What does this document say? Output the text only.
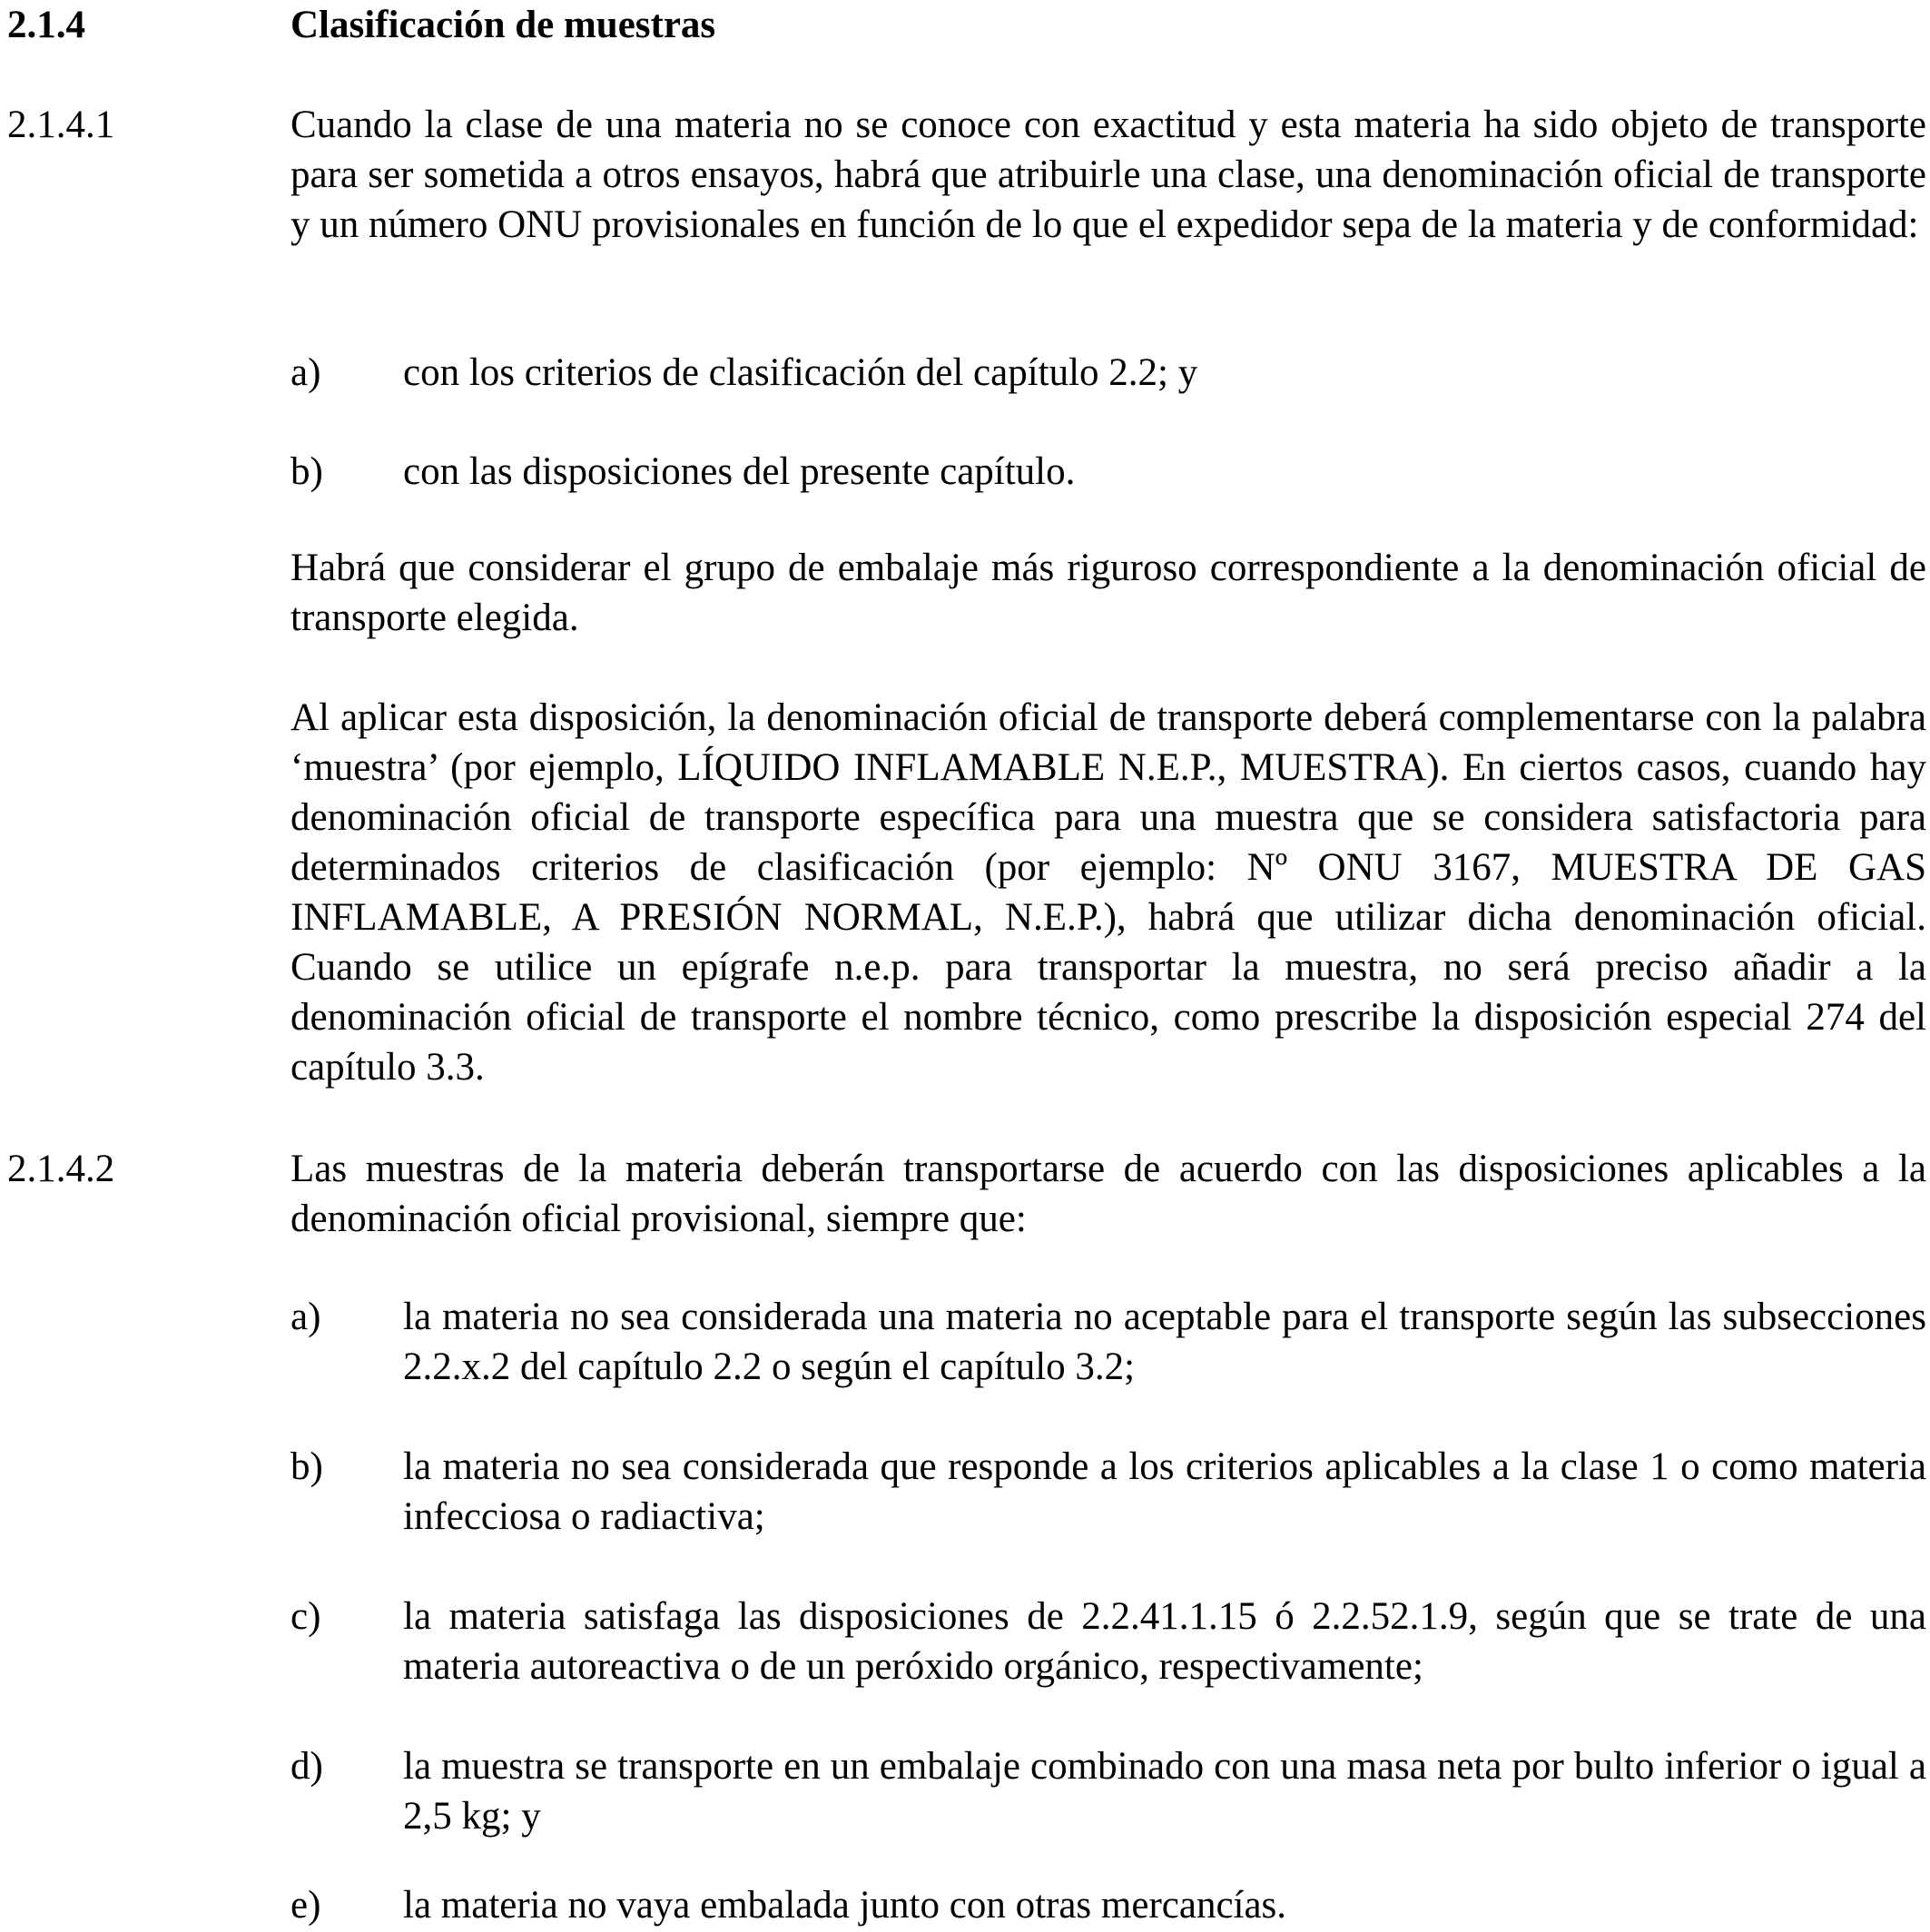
2.1.4	Clasificación de muestras
2.1.4.1	Cuando la clase de una materia no se conoce con exactitud y esta materia ha sido objeto de transporte para ser sometida a otros ensayos, habrá que atribuirle una clase, una denominación oficial de transporte y un número ONU provisionales en función de lo que el expedidor sepa de la materia y de conformidad:

a) con los criterios de clasificación del capítulo 2.2; y

b) con las disposiciones del presente capítulo.

Habrá que considerar el grupo de embalaje más riguroso correspondiente a la denominación oficial de transporte elegida.

Al aplicar esta disposición, la denominación oficial de transporte deberá complementarse con la palabra ‘muestra’ (por ejemplo, LÍQUIDO INFLAMABLE N.E.P., MUESTRA). En ciertos casos, cuando hay denominación oficial de transporte específica para una muestra que se considera satisfactoria para determinados criterios de clasificación (por ejemplo: Nº ONU 3167, MUESTRA DE GAS INFLAMABLE, A PRESIÓN NORMAL, N.E.P.), habrá que utilizar dicha denominación oficial. Cuando se utilice un epígrafe n.e.p. para transportar la muestra, no será preciso añadir a la denominación oficial de transporte el nombre técnico, como prescribe la disposición especial 274 del capítulo 3.3.

2.1.4.2	Las muestras de la materia deberán transportarse de acuerdo con las disposiciones aplicables a la denominación oficial provisional, siempre que:

a) la materia no sea considerada una materia no aceptable para el transporte según las subsecciones 2.2.x.2 del capítulo 2.2 o según el capítulo 3.2;

b) la materia no sea considerada que responde a los criterios aplicables a la clase 1 o como materia infecciosa o radiactiva;

c) la materia satisfaga las disposiciones de 2.2.41.1.15 ó 2.2.52.1.9, según que se trate de una materia autoreactiva o de un peróxido orgánico, respectivamente;

d) la muestra se transporte en un embalaje combinado con una masa neta por bulto inferior o igual a 2,5 kg; y

e) la materia no vaya embalada junto con otras mercancías.
